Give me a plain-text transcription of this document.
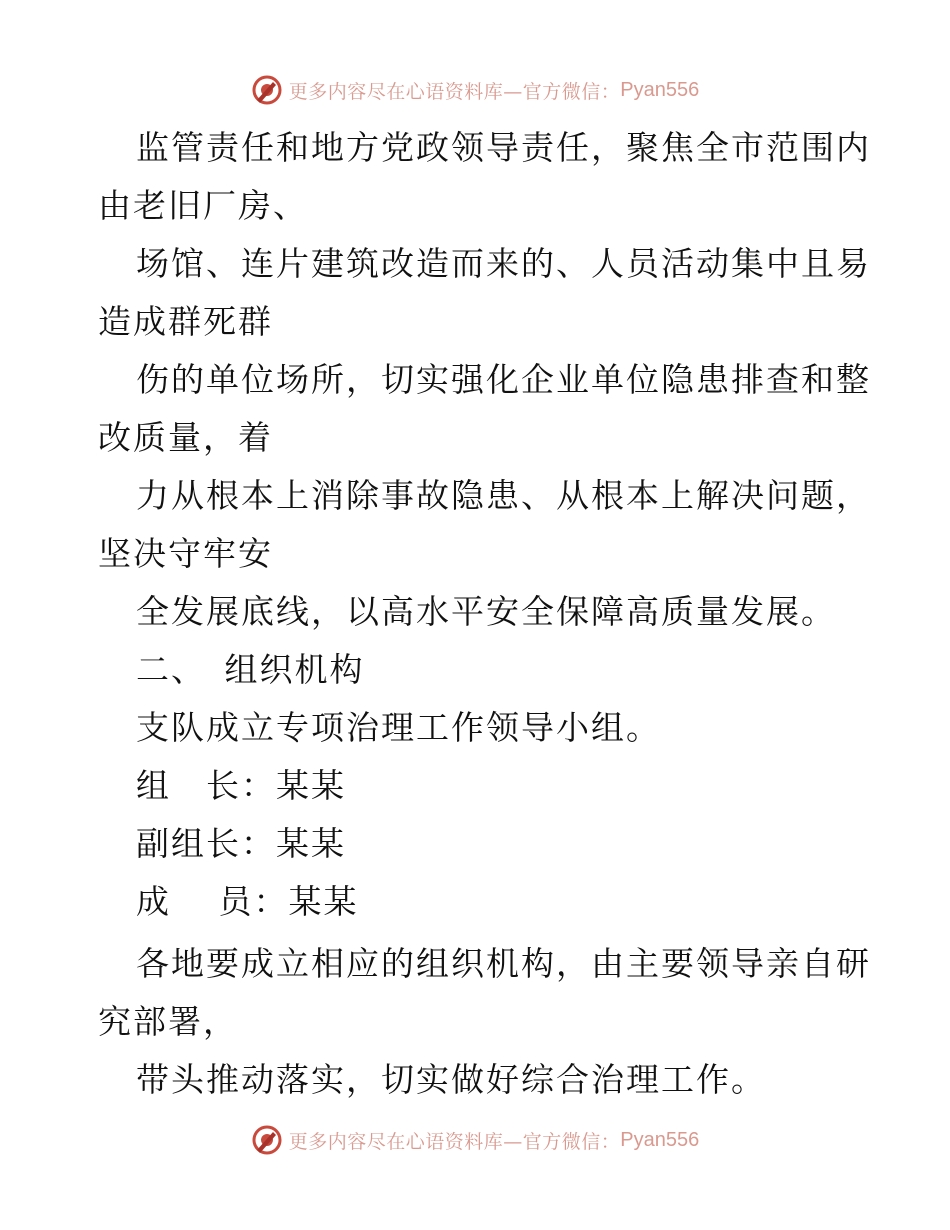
更多内容尽在心语资料库—官方微信： Pyan556
监管责任和地方党政领导责任，聚焦全市范围内
由老旧厂房、
场馆、连片建筑改造而来的、人员活动集中且易
造成群死群
伤的单位场所，切实强化企业单位隐患排查和整
改质量，着
力从根本上消除事故隐患、从根本上解决问题，
坚决守牢安
全发展底线，以高水平安全保障高质量发展。
二、　组织机构
支队成立专项治理工作领导小组。
组　长：某某
副组长：某某
成　 员：某某
各地要成立相应的组织机构，由主要领导亲自研
究部署，
带头推动落实，切实做好综合治理工作。
更多内容尽在心语资料库—官方微信： Pyan556
